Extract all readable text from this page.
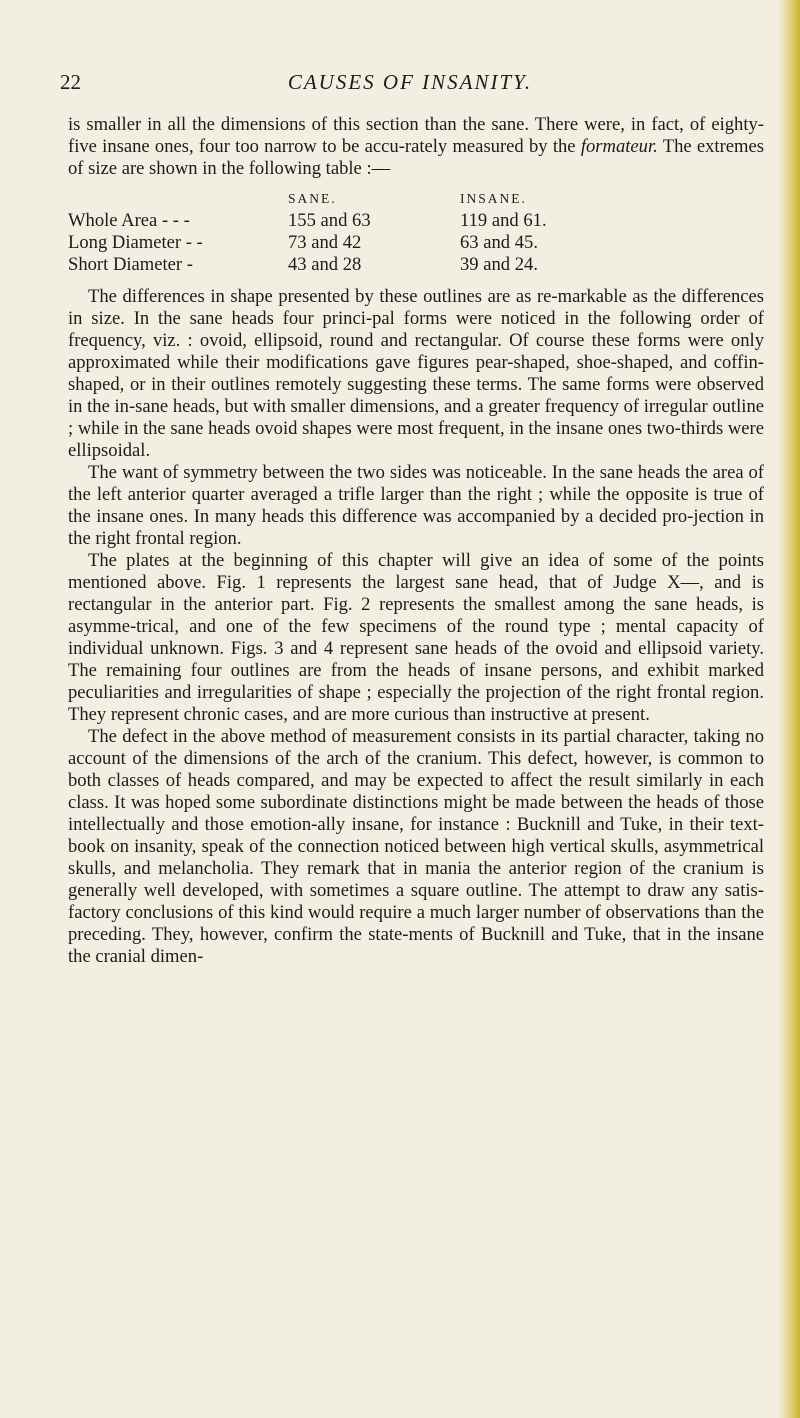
22	CAUSES OF INSANITY.

is smaller in all the dimensions of this section than the sane. There were, in fact, of eighty-five insane ones, four too narrow to be accu-rately measured by the formateur. The extremes of size are shown in the following table :—

	SANE.	INSANE.
Whole Area - - -	155 and 63	119 and 61.
Long Diameter - -	73 and 42	63 and 45.
Short Diameter -	43 and 28	39 and 24.

The differences in shape presented by these outlines are as re-markable as the differences in size. In the sane heads four princi-pal forms were noticed in the following order of frequency, viz. : ovoid, ellipsoid, round and rectangular. Of course these forms were only approximated while their modifications gave figures pear-shaped, shoe-shaped, and coffin-shaped, or in their outlines remotely suggesting these terms. The same forms were observed in the in-sane heads, but with smaller dimensions, and a greater frequency of irregular outline ; while in the sane heads ovoid shapes were most frequent, in the insane ones two-thirds were ellipsoidal.

The want of symmetry between the two sides was noticeable. In the sane heads the area of the left anterior quarter averaged a trifle larger than the right ; while the opposite is true of the insane ones. In many heads this difference was accompanied by a decided pro-jection in the right frontal region.

The plates at the beginning of this chapter will give an idea of some of the points mentioned above. Fig. 1 represents the largest sane head, that of Judge X—, and is rectangular in the anterior part. Fig. 2 represents the smallest among the sane heads, is asymme-trical, and one of the few specimens of the round type ; mental capacity of individual unknown. Figs. 3 and 4 represent sane heads of the ovoid and ellipsoid variety. The remaining four outlines are from the heads of insane persons, and exhibit marked peculiarities and irregularities of shape ; especially the projection of the right frontal region. They represent chronic cases, and are more curious than instructive at present.

The defect in the above method of measurement consists in its partial character, taking no account of the dimensions of the arch of the cranium. This defect, however, is common to both classes of heads compared, and may be expected to affect the result similarly in each class. It was hoped some subordinate distinctions might be made between the heads of those intellectually and those emotion-ally insane, for instance : Bucknill and Tuke, in their text-book on insanity, speak of the connection noticed between high vertical skulls, asymmetrical skulls, and melancholia. They remark that in mania the anterior region of the cranium is generally well developed, with sometimes a square outline. The attempt to draw any satis-factory conclusions of this kind would require a much larger number of observations than the preceding. They, however, confirm the state-ments of Bucknill and Tuke, that in the insane the cranial dimen-
